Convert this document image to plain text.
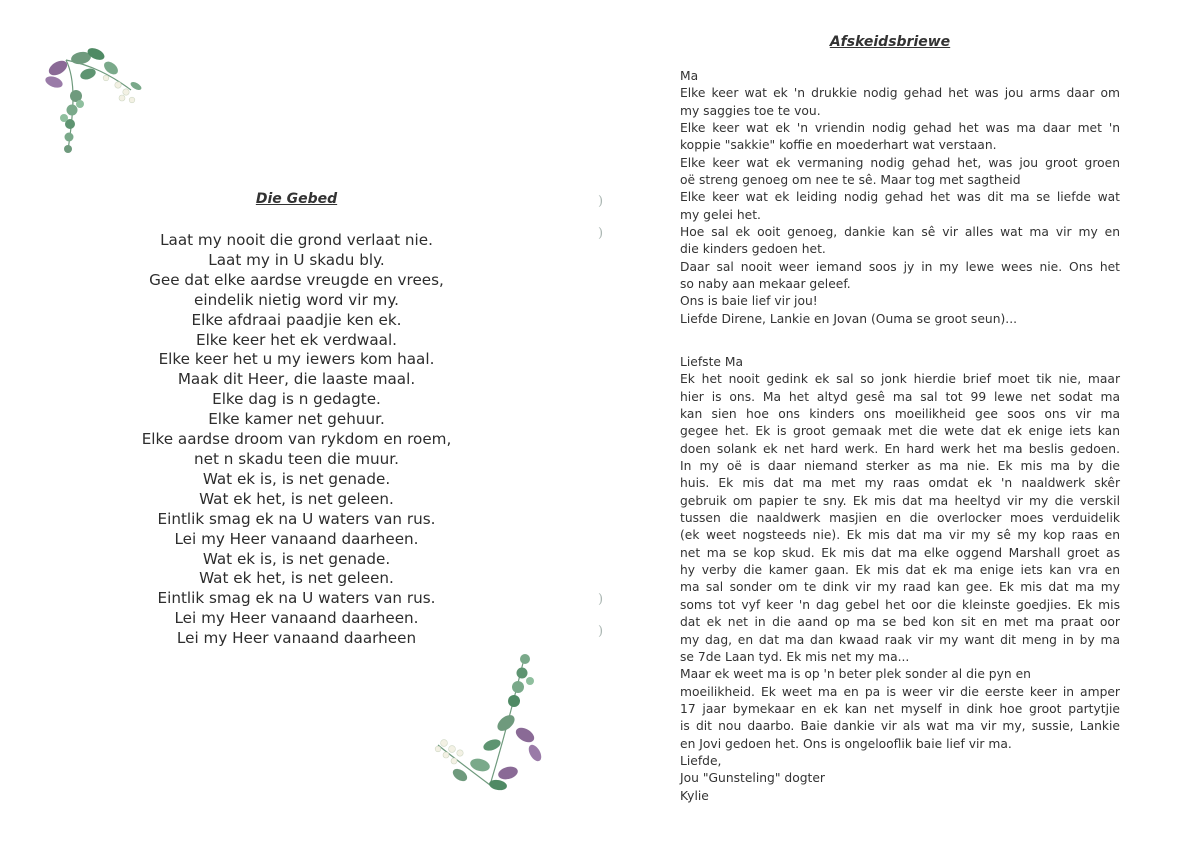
Die Gebed
Laat my nooit die grond verlaat nie.
Laat my in U skadu bly.
Gee dat elke aardse vreugde en vrees,
eindelik nietig word vir my.
Elke afdraai paadjie ken ek.
Elke keer het ek verdwaal.
Elke keer het u my iewers kom haal.
Maak dit Heer, die laaste maal.
Elke dag is n gedagte.
Elke kamer net gehuur.
Elke aardse droom van rykdom en roem,
net n skadu teen die muur.
Wat ek is, is net genade.
Wat ek het, is net geleen.
Eintlik smag ek na U waters van rus.
Lei my Heer vanaand daarheen.
Wat ek is, is net genade.
Wat ek het, is net geleen.
Eintlik smag ek na U waters van rus.
Lei my Heer vanaand daarheen.
Lei my Heer vanaand daarheen
)
)
)
)
Afskeidsbriewe
Ma
Elke keer wat ek 'n drukkie nodig gehad het was jou arms daar om
my saggies toe te vou.
Elke keer wat ek 'n vriendin nodig gehad het was ma daar met 'n
koppie "sakkie" koffie en moederhart wat verstaan.
Elke keer wat ek vermaning nodig gehad het, was jou groot groen
oë streng genoeg om nee te sê. Maar tog met sagtheid
Elke keer wat ek leiding nodig gehad het was dit ma se liefde wat
my gelei het.
Hoe sal ek ooit genoeg, dankie kan sê vir alles wat ma vir my en
die kinders gedoen het.
Daar sal nooit weer iemand soos jy in my lewe wees nie. Ons het
so naby aan mekaar geleef.
Ons is baie lief vir jou!
Liefde Direne, Lankie en Jovan (Ouma se groot seun)...
Liefste Ma
Ek het nooit gedink ek sal so jonk hierdie brief moet tik nie, maar
hier is ons. Ma het altyd gesê ma sal tot 99 lewe net sodat ma
kan sien hoe ons kinders ons moeilikheid gee soos ons vir ma
gegee het. Ek is groot gemaak met die wete dat ek enige iets kan
doen solank ek net hard werk. En hard werk het ma beslis gedoen.
In my oë is daar niemand sterker as ma nie. Ek mis ma by die
huis. Ek mis dat ma met my raas omdat ek 'n naaldwerk skêr
gebruik om papier te sny. Ek mis dat ma heeltyd vir my die verskil
tussen die naaldwerk masjien en die overlocker moes verduidelik
(ek weet nogsteeds nie). Ek mis dat ma vir my sê my kop raas en
net ma se kop skud. Ek mis dat ma elke oggend Marshall groet as
hy verby die kamer gaan. Ek mis dat ek ma enige iets kan vra en
ma sal sonder om te dink vir my raad kan gee. Ek mis dat ma my
soms tot vyf keer 'n dag gebel het oor die kleinste goedjies. Ek mis
dat ek net in die aand op ma se bed kon sit en met ma praat oor
my dag, en dat ma dan kwaad raak vir my want dit meng in by ma
se 7de Laan tyd. Ek mis net my ma...
Maar ek weet ma is op 'n beter plek sonder al die pyn en
moeilikheid. Ek weet ma en pa is weer vir die eerste keer in amper
17 jaar bymekaar en ek kan net myself in dink hoe groot partytjie
is dit nou daarbo. Baie dankie vir als wat ma vir my, sussie, Lankie
en Jovi gedoen het. Ons is ongelooflik baie lief vir ma.
Liefde,
Jou "Gunsteling" dogter
Kylie
